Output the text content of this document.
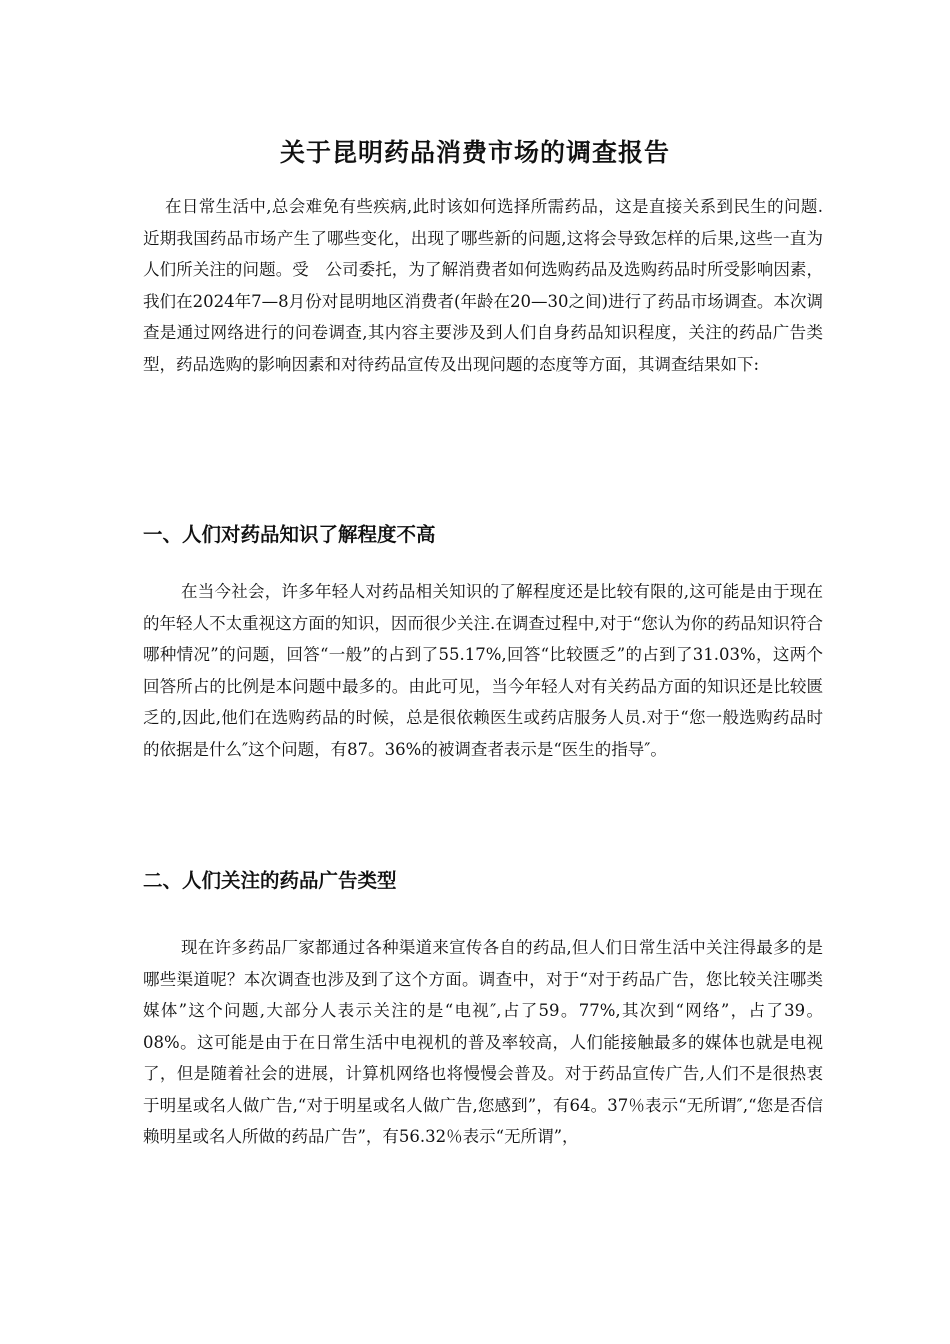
关于昆明药品消费市场的调查报告

在日常生活中,总会难免有些疾病,此时该如何选择所需药品，这是直接关系到民生的问题.近期我国药品市场产生了哪些变化，出现了哪些新的问题,这将会导致怎样的后果,这些一直为人们所关注的问题。受　公司委托，为了解消费者如何选购药品及选购药品时所受影响因素，我们在2024年7—8月份对昆明地区消费者(年龄在20—30之间)进行了药品市场调查。本次调查是通过网络进行的问卷调查,其内容主要涉及到人们自身药品知识程度，关注的药品广告类型，药品选购的影响因素和对待药品宣传及出现问题的态度等方面，其调查结果如下:

一、人们对药品知识了解程度不高

在当今社会，许多年轻人对药品相关知识的了解程度还是比较有限的,这可能是由于现在的年轻人不太重视这方面的知识，因而很少关注.在调查过程中,对于“您认为你的药品知识符合哪种情况”的问题，回答“一般”的占到了55.17%,回答“比较匮乏”的占到了31.03%，这两个回答所占的比例是本问题中最多的。由此可见，当今年轻人对有关药品方面的知识还是比较匮乏的,因此,他们在选购药品的时候，总是很依赖医生或药店服务人员.对于“您一般选购药品时的依据是什么″这个问题，有87。36%的被调查者表示是“医生的指导″。

二、人们关注的药品广告类型

现在许多药品厂家都通过各种渠道来宣传各自的药品,但人们日常生活中关注得最多的是哪些渠道呢？本次调查也涉及到了这个方面。调查中，对于“对于药品广告，您比较关注哪类媒体”这个问题,大部分人表示关注的是“电视″,占了59。77%,其次到“网络”，占了39。08%。这可能是由于在日常生活中电视机的普及率较高，人们能接触最多的媒体也就是电视了，但是随着社会的进展，计算机网络也将慢慢会普及。对于药品宣传广告,人们不是很热衷于明星或名人做广告,“对于明星或名人做广告,您感到”，有64。37％表示“无所谓″,“您是否信赖明星或名人所做的药品广告”，有56.32％表示“无所谓”，
